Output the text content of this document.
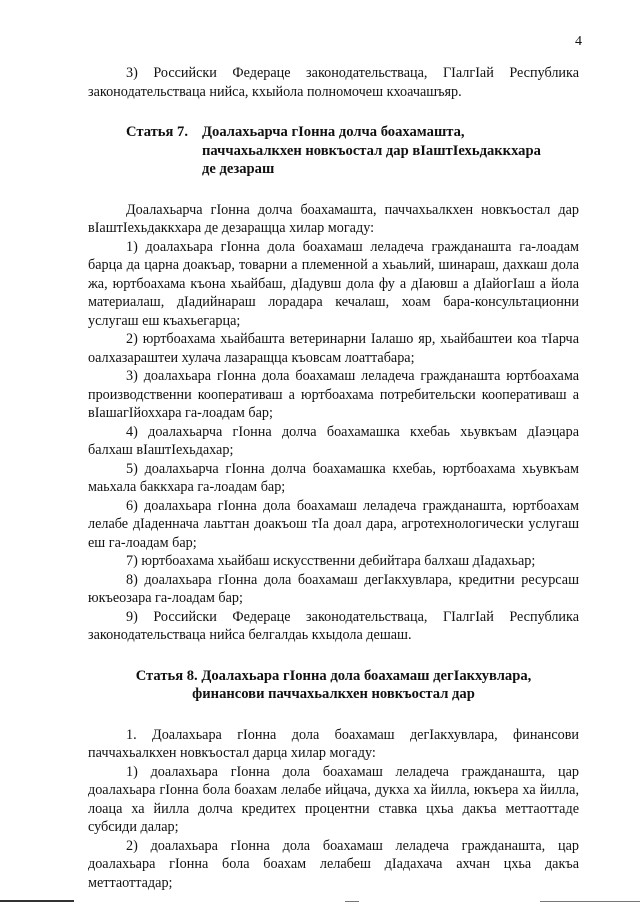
4

3) Российски Федераце законодательстваца, ГӀалгӀай Республика законодательстваца нийса, кхыйола полномочеш кхоачашъяр.

Статья 7. Доалахьарча гӀонна долча боахамашта,
паччахьалкхен новкъостал дар вӀаштӀехьдаккхара
де дезараш

Доалахьарча гӀонна долча боахамашта, паччахьалкхен новкъостал дар вӀаштӀехьдаккхара де дезаращца хилар могаду:

1) доалахьара гӀонна дола боахамаш леладеча гражданашта га-лоадам барца да царна доакъар, товарни а племенной а хьаьлий, шинараш, дахкаш дола жа, юртбоахама къона хьайбаш, дӀадувш дола фу а дӀаювш а дӀайогӀаш а йола материалаш, дӀадийнараш лорадара кечалаш, хоам бара-консультационни услугаш еш къахьегарца;

2) юртбоахама хьайбашта ветеринарни Ӏалашо яр, хьайбаштеи коа тӀарча оалхазараштеи хулача лазаращца къовсам лоаттабара;

3) доалахьара гӀонна дола боахамаш леладеча гражданашта юртбоахама производственни кооперативаш а юртбоахама потребительски кооперативаш а вӀашагӀйоххара га-лоадам бар;

4) доалахьарча гӀонна долча боахамашка кхебаь хьувкъам дӀаэцара балхаш вӀаштӀехьдахар;

5) доалахьарча гӀонна долча боахамашка кхебаь, юртбоахама хьувкъам маьхала баккхара га-лоадам бар;

6) доалахьара гӀонна дола боахамаш леладеча гражданашта, юртбоахам лелабе дӀаденнача лаьттан доакъош тӀа доал дара, агротехнологически услугаш еш га-лоадам бар;

7) юртбоахама хьайбаш искусственни дебийтара балхаш дӀадахьар;

8) доалахьара гӀонна дола боахамаш дегӀакхувлара, кредитни ресурсаш юкъеозара га-лоадам бар;

9) Российски Федераце законодательстваца, ГӀалгӀай Республика законодательстваца нийса белгалдаь кхыдола дешаш.

Статья 8. Доалахьара гӀонна дола боахамаш дегӀакхувлара,
финансови паччахьалкхен новкъостал дар

1. Доалахьара гӀонна дола боахамаш дегӀакхувлара, финансови паччахьалкхен новкъостал дарца хилар могаду:

1) доалахьара гӀонна дола боахамаш леладеча гражданашта, цар доалахьара гӀонна бола боахам лелабе ийцача, дукха ха йилла, юкъера ха йилла, лоаца ха йилла долча кредитех процентни ставка цхьа дакъа меттаоттаде субсиди далар;

2) доалахьара гӀонна дола боахамаш леладеча гражданашта, цар доалахьара гӀонна бола боахам лелабеш дӀадахача ахчан цхьа дакъа меттаоттадар;
